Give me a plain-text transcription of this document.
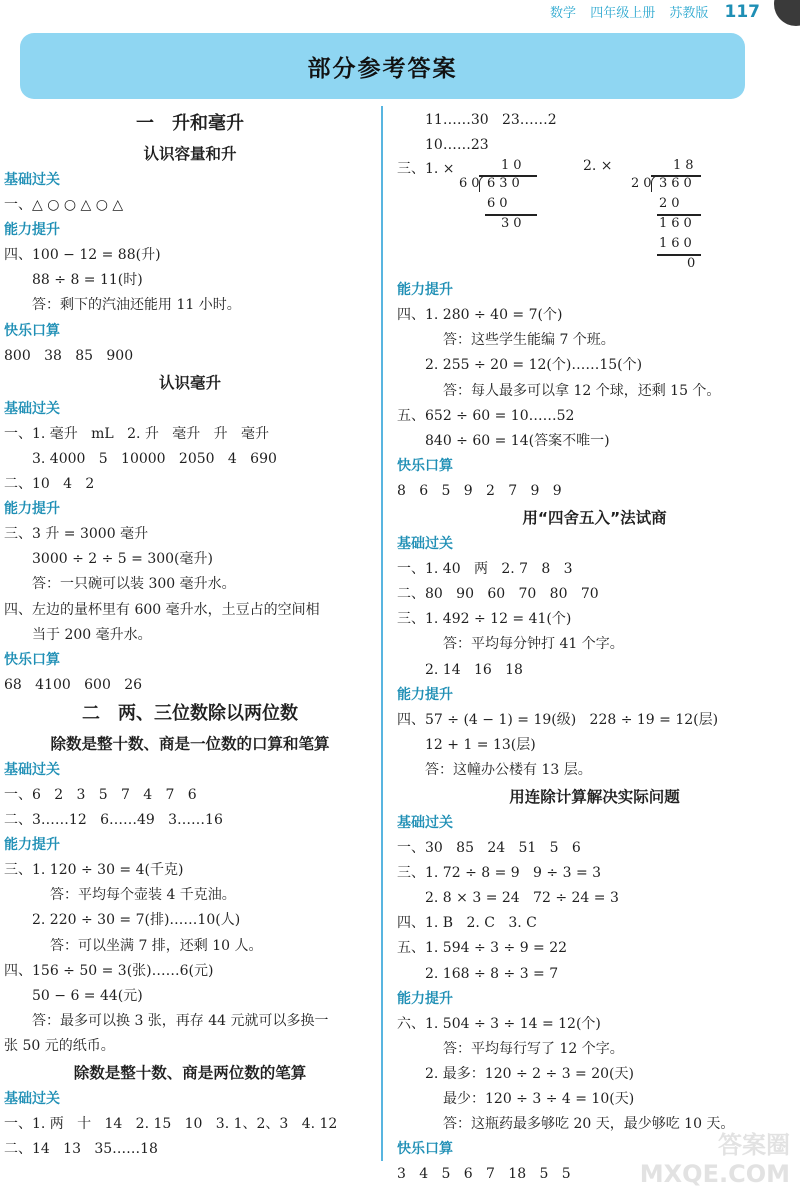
数学 四年级上册 苏教版 117
部分参考答案
一　升和毫升
认识容量和升
基础过关
一、△ ○ ○ △ ○ △
能力提升
四、100 − 12 = 88(升)
88 ÷ 8 = 11(时)
答：剩下的汽油还能用 11 小时。
快乐口算
800   38   85   900
认识毫升
基础过关
一、1. 毫升   mL   2. 升   毫升   升   毫升
3. 4000   5   10000   2050   4   690
二、10   4   2
能力提升
三、3 升 = 3000 毫升
3000 ÷ 2 ÷ 5 = 300(毫升)
答：一只碗可以装 300 毫升水。
四、左边的量杯里有 600 毫升水，土豆占的空间相
当于 200 毫升水。
快乐口算
68   4100   600   26
二　两、三位数除以两位数
除数是整十数、商是一位数的口算和笔算
基础过关
一、6   2   3   5   7   4   7   6
二、3……12   6……49   3……16
能力提升
三、1. 120 ÷ 30 = 4(千克)
答：平均每个壶装 4 千克油。
2. 220 ÷ 30 = 7(排)……10(人)
答：可以坐满 7 排，还剩 10 人。
四、156 ÷ 50 = 3(张)……6(元)
50 − 6 = 44(元)
答：最多可以换 3 张，再存 44 元就可以多换一
张 50 元的纸币。
除数是整十数、商是两位数的笔算
基础过关
一、1. 两   十   14   2. 15   10   3. 1、2、3   4. 12
二、14   13   35……18
11……30   23……2
10……23
三、1. ×	10
60 630
60
30
2. ×	18
20 360
20
160
160
0
能力提升
四、1. 280 ÷ 40 = 7(个)
答：这些学生能编 7 个班。
2. 255 ÷ 20 = 12(个)……15(个)
答：每人最多可以拿 12 个球，还剩 15 个。
五、652 ÷ 60 = 10……52
840 ÷ 60 = 14(答案不唯一)
快乐口算
8   6   5   9   2   7   9   9
用“四舍五入”法试商
基础过关
一、1. 40   两   2. 7   8   3
二、80   90   60   70   80   70
三、1. 492 ÷ 12 = 41(个)
答：平均每分钟打 41 个字。
2. 14   16   18
能力提升
四、57 ÷ (4 − 1) = 19(级)   228 ÷ 19 = 12(层)
12 + 1 = 13(层)
答：这幢办公楼有 13 层。
用连除计算解决实际问题
基础过关
一、30   85   24   51   5   6
三、1. 72 ÷ 8 = 9   9 ÷ 3 = 3
2. 8 × 3 = 24   72 ÷ 24 = 3
四、1. B   2. C   3. C
五、1. 594 ÷ 3 ÷ 9 = 22
2. 168 ÷ 8 ÷ 3 = 7
能力提升
六、1. 504 ÷ 3 ÷ 14 = 12(个)
答：平均每行写了 12 个字。
2. 最多：120 ÷ 2 ÷ 3 = 20(天)
最少：120 ÷ 3 ÷ 4 = 10(天)
答：这瓶药最多够吃 20 天，最少够吃 10 天。
快乐口算
3   4   5   6   7   18   5   5
答案圈
MXQE.COM
